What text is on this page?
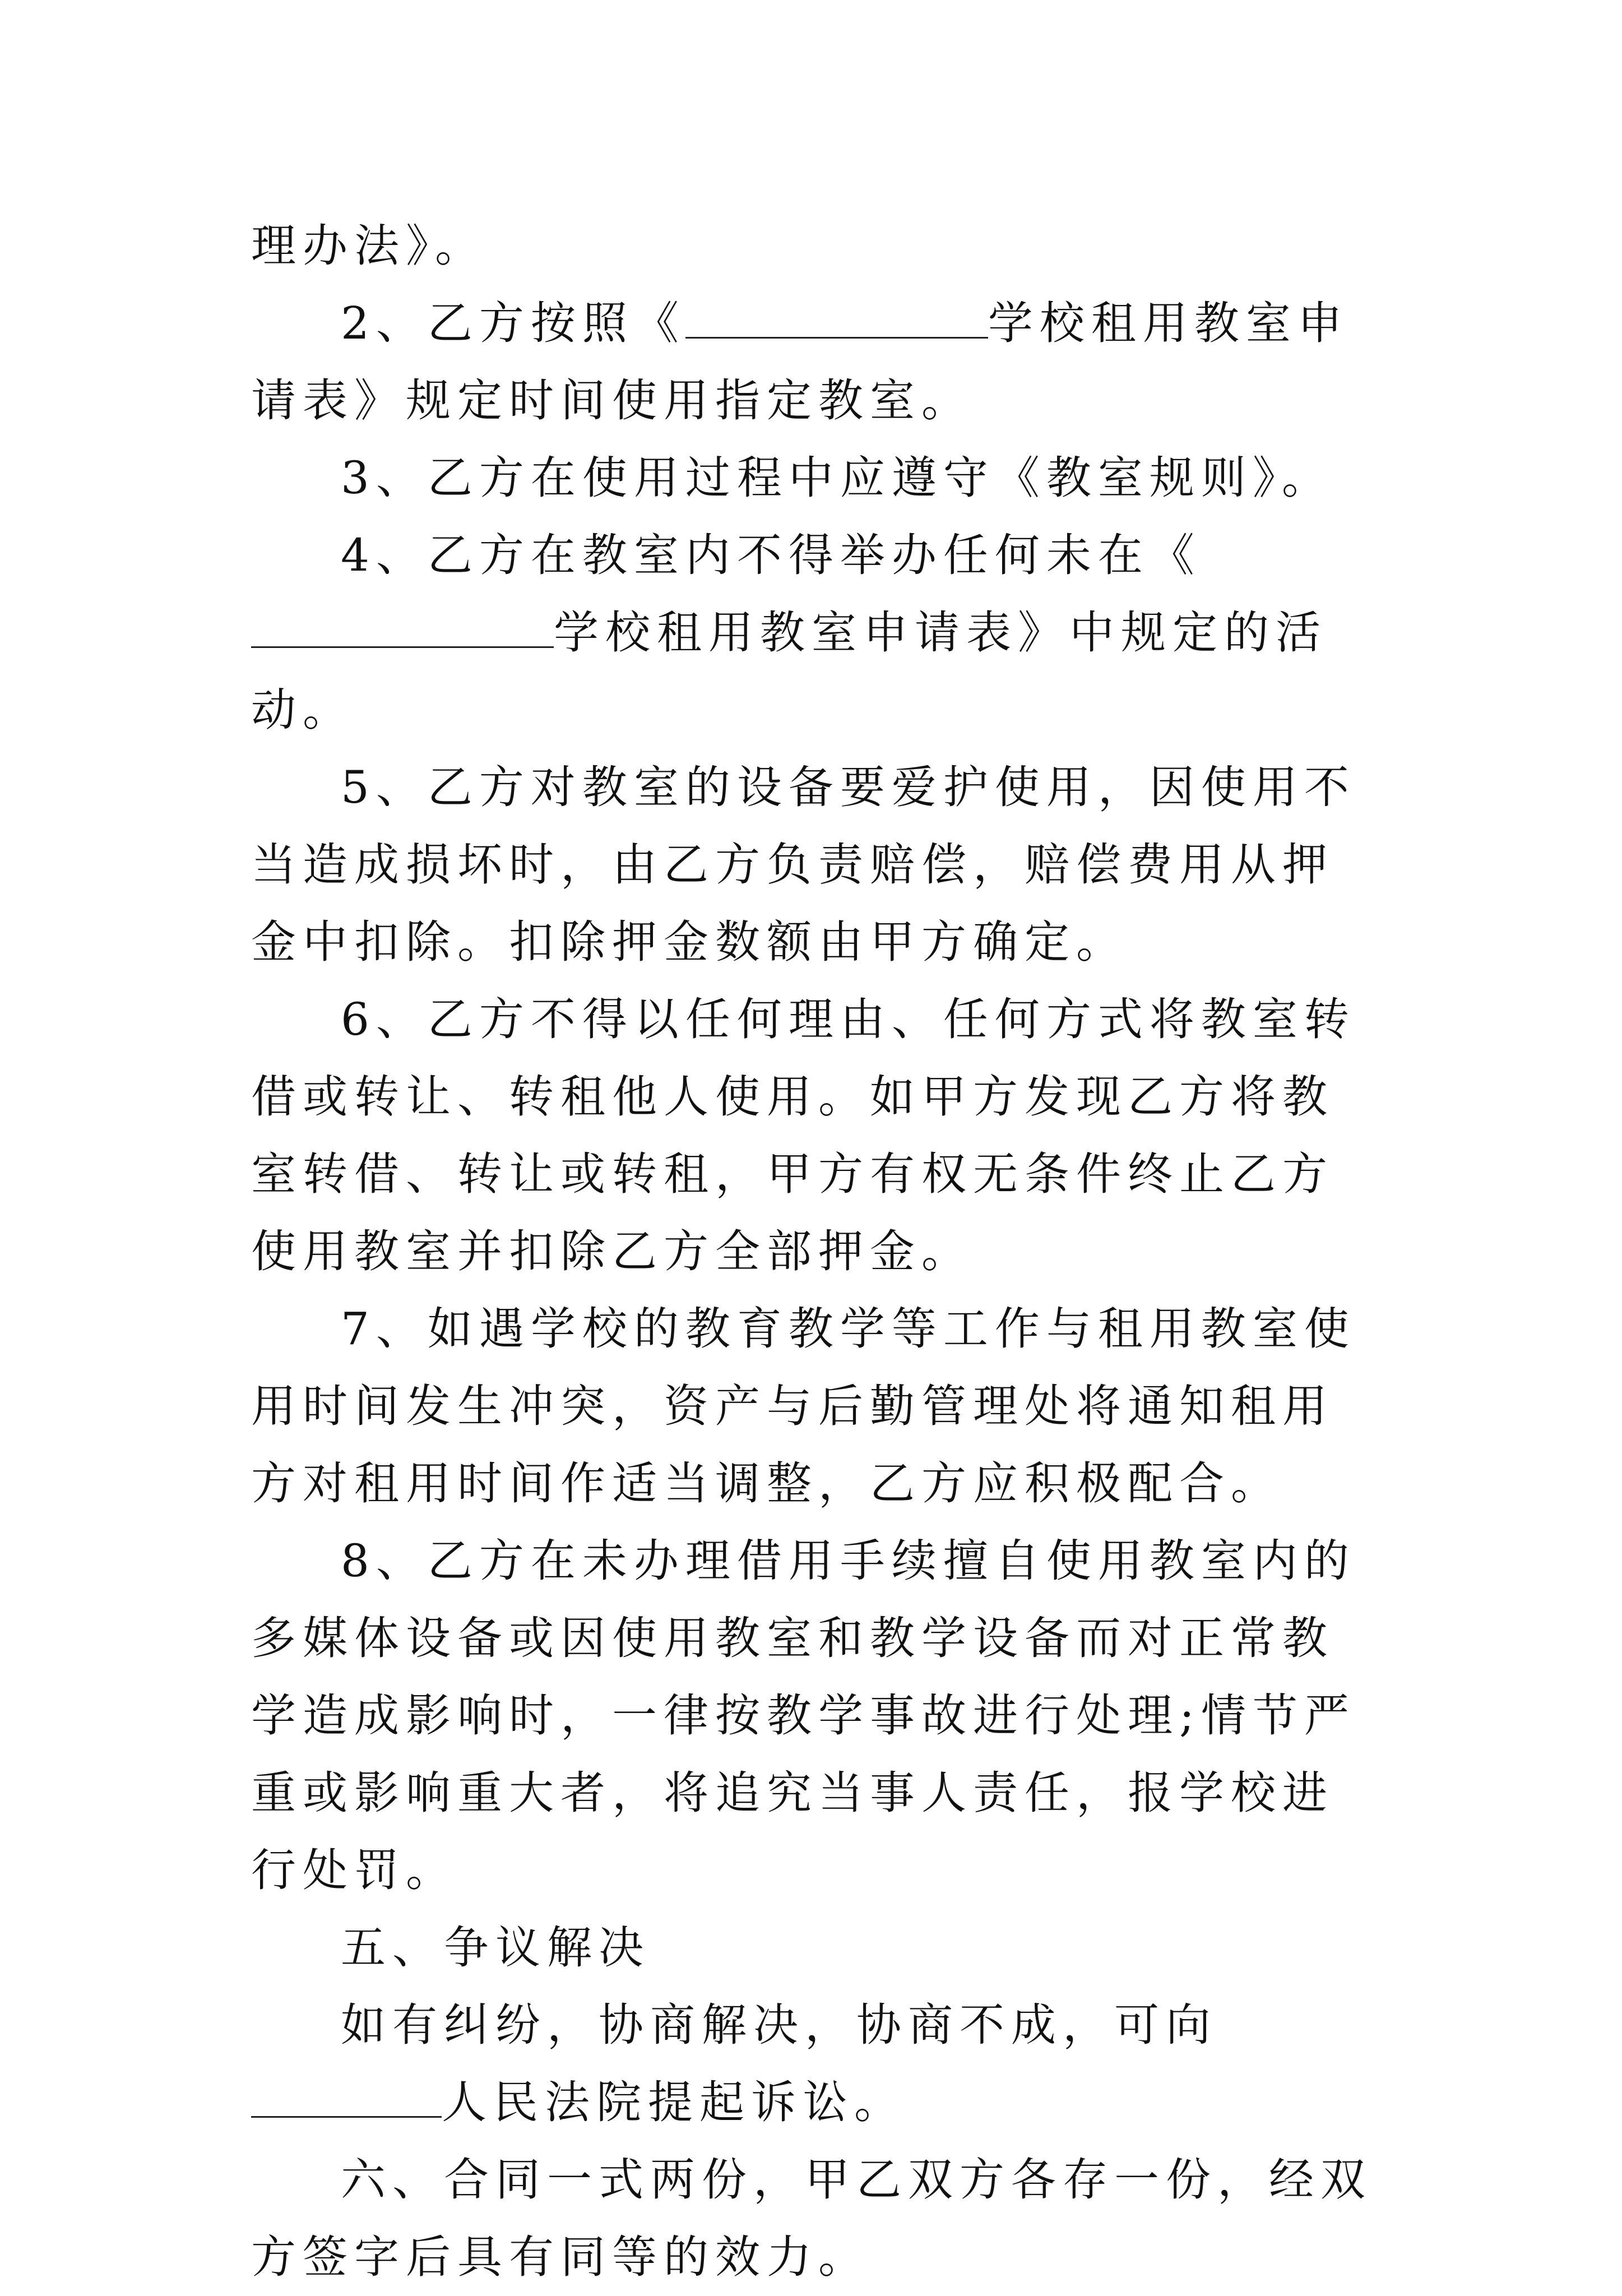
理办法》。

2、乙方按照《	学校租用教室申请表》规定时间使用指定教室。

3、乙方在使用过程中应遵守《教室规则》。

4、乙方在教室内不得举办任何未在《学校租用教室申请表》中规定的活动。

5、乙方对教室的设备要爱护使用，因使用不当造成损坏时，由乙方负责赔偿，赔偿费用从押金中扣除。扣除押金数额由甲方确定。

6、乙方不得以任何理由、任何方式将教室转借或转让、转租他人使用。如甲方发现乙方将教室转借、转让或转租，甲方有权无条件终止乙方使用教室并扣除乙方全部押金。

7、如遇学校的教育教学等工作与租用教室使用时间发生冲突，资产与后勤管理处将通知租用方对租用时间作适当调整，乙方应积极配合。

8、乙方在未办理借用手续擅自使用教室内的多媒体设备或因使用教室和教学设备而对正常教学造成影响时，一律按教学事故进行处理;情节严重或影响重大者，将追究当事人责任，报学校进行处罚。

五、争议解决

如有纠纷，协商解决，协商不成，可向人民法院提起诉讼。

六、合同一式两份，甲乙双方各存一份，经双方签字后具有同等的效力。
